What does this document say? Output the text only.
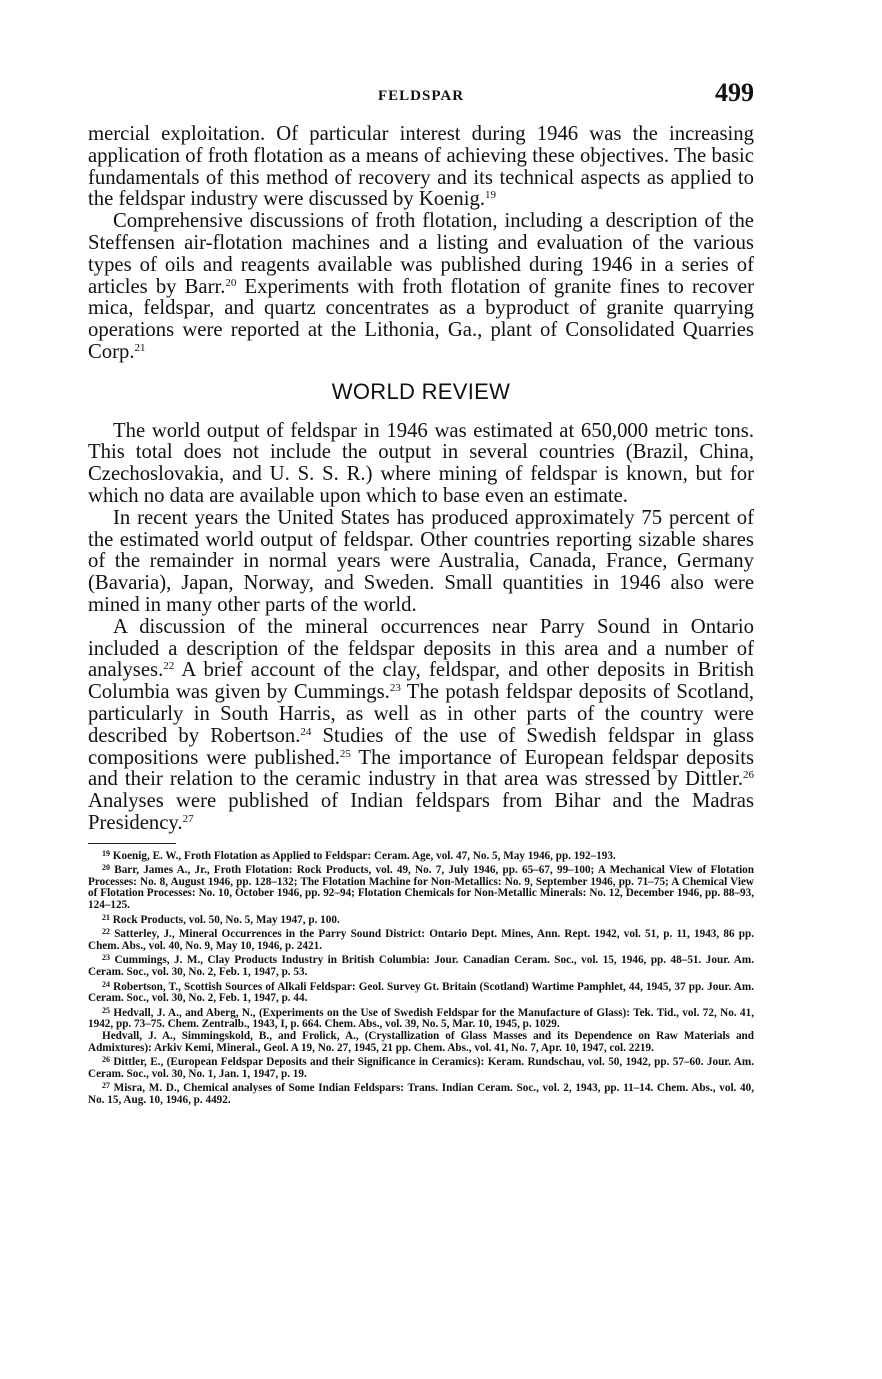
FELDSPAR	499

mercial exploitation. Of particular interest during 1946 was the increasing application of froth flotation as a means of achieving these objectives. The basic fundamentals of this method of recovery and its technical aspects as applied to the feldspar industry were discussed by Koenig.$^{19}$

Comprehensive discussions of froth flotation, including a description of the Steffensen air-flotation machines and a listing and evaluation of the various types of oils and reagents available was published during 1946 in a series of articles by Barr.$^{20}$ Experiments with froth flotation of granite fines to recover mica, feldspar, and quartz concentrates as a byproduct of granite quarrying operations were reported at the Lithonia, Ga., plant of Consolidated Quarries Corp.$^{21}$

WORLD REVIEW

The world output of feldspar in 1946 was estimated at 650,000 metric tons. This total does not include the output in several countries (Brazil, China, Czechoslovakia, and U. S. S. R.) where mining of feldspar is known, but for which no data are available upon which to base even an estimate.

In recent years the United States has produced approximately 75 percent of the estimated world output of feldspar. Other countries reporting sizable shares of the remainder in normal years were Australia, Canada, France, Germany (Bavaria), Japan, Norway, and Sweden. Small quantities in 1946 also were mined in many other parts of the world.

A discussion of the mineral occurrences near Parry Sound in Ontario included a description of the feldspar deposits in this area and a number of analyses.$^{22}$ A brief account of the clay, feldspar, and other deposits in British Columbia was given by Cummings.$^{23}$ The potash feldspar deposits of Scotland, particularly in South Harris, as well as in other parts of the country were described by Robertson.$^{24}$ Studies of the use of Swedish feldspar in glass compositions were published.$^{25}$ The importance of European feldspar deposits and their relation to the ceramic industry in that area was stressed by Dittler.$^{26}$ Analyses were published of Indian feldspars from Bihar and the Madras Presidency.$^{27}$

$^{19}$ Koenig, E. W., Froth Flotation as Applied to Feldspar: Ceram. Age, vol. 47, No. 5, May 1946, pp. 192–193.

$^{20}$ Barr, James A., Jr., Froth Flotation: Rock Products, vol. 49, No. 7, July 1946, pp. 65–67, 99–100; A Mechanical View of Flotation Processes: No. 8, August 1946, pp. 128–132; The Flotation Machine for Non-Metallics: No. 9, September 1946, pp. 71–75; A Chemical View of Flotation Processes: No. 10, October 1946, pp. 92–94; Flotation Chemicals for Non-Metallic Minerals: No. 12, December 1946, pp. 88–93, 124–125.

$^{21}$ Rock Products, vol. 50, No. 5, May 1947, p. 100.

$^{22}$ Satterley, J., Mineral Occurrences in the Parry Sound District: Ontario Dept. Mines, Ann. Rept. 1942, vol. 51, p. 11, 1943, 86 pp. Chem. Abs., vol. 40, No. 9, May 10, 1946, p. 2421.

$^{23}$ Cummings, J. M., Clay Products Industry in British Columbia: Jour. Canadian Ceram. Soc., vol. 15, 1946, pp. 48–51. Jour. Am. Ceram. Soc., vol. 30, No. 2, Feb. 1, 1947, p. 53.

$^{24}$ Robertson, T., Scottish Sources of Alkali Feldspar: Geol. Survey Gt. Britain (Scotland) Wartime Pamphlet, 44, 1945, 37 pp. Jour. Am. Ceram. Soc., vol. 30, No. 2, Feb. 1, 1947, p. 44.

$^{25}$ Hedvall, J. A., and Aberg, N., (Experiments on the Use of Swedish Feldspar for the Manufacture of Glass): Tek. Tid., vol. 72, No. 41, 1942, pp. 73–75. Chem. Zentralb., 1943, I, p. 664. Chem. Abs., vol. 39, No. 5, Mar. 10, 1945, p. 1029.

Hedvall, J. A., Simmingskold, B., and Frolick, A., (Crystallization of Glass Masses and its Dependence on Raw Materials and Admixtures): Arkiv Kemi, Mineral., Geol. A 19, No. 27, 1945, 21 pp. Chem. Abs., vol. 41, No. 7, Apr. 10, 1947, col. 2219.

$^{26}$ Dittler, E., (European Feldspar Deposits and their Significance in Ceramics): Keram. Rundschau, vol. 50, 1942, pp. 57–60. Jour. Am. Ceram. Soc., vol. 30, No. 1, Jan. 1, 1947, p. 19.

$^{27}$ Misra, M. D., Chemical analyses of Some Indian Feldspars: Trans. Indian Ceram. Soc., vol. 2, 1943, pp. 11–14. Chem. Abs., vol. 40, No. 15, Aug. 10, 1946, p. 4492.
